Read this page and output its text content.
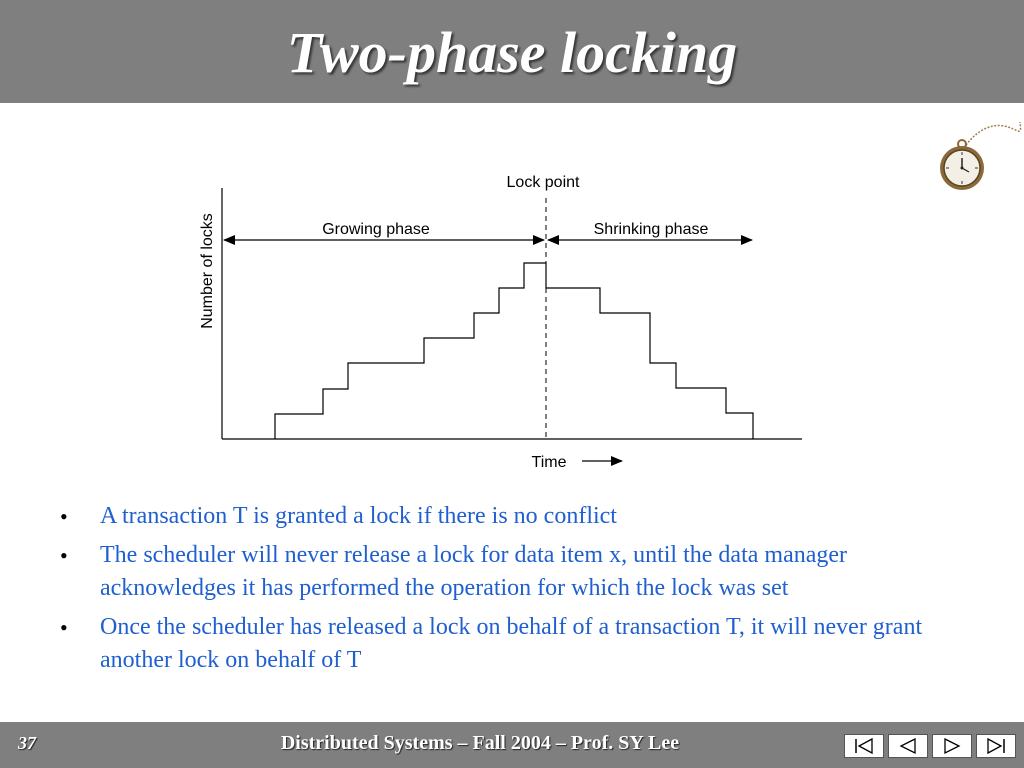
Two-phase locking
Lock point
Growing phase	Shrinking phase
Number of locks
Time
• A transaction T is granted a lock if there is no conflict
• The scheduler will never release a lock for data item x, until the data manager acknowledges it has performed the operation for which the lock was set
• Once the scheduler has released a lock on behalf of a transaction T, it will never grant another lock on behalf of T
37	Distributed Systems – Fall 2004 – Prof. SY Lee
